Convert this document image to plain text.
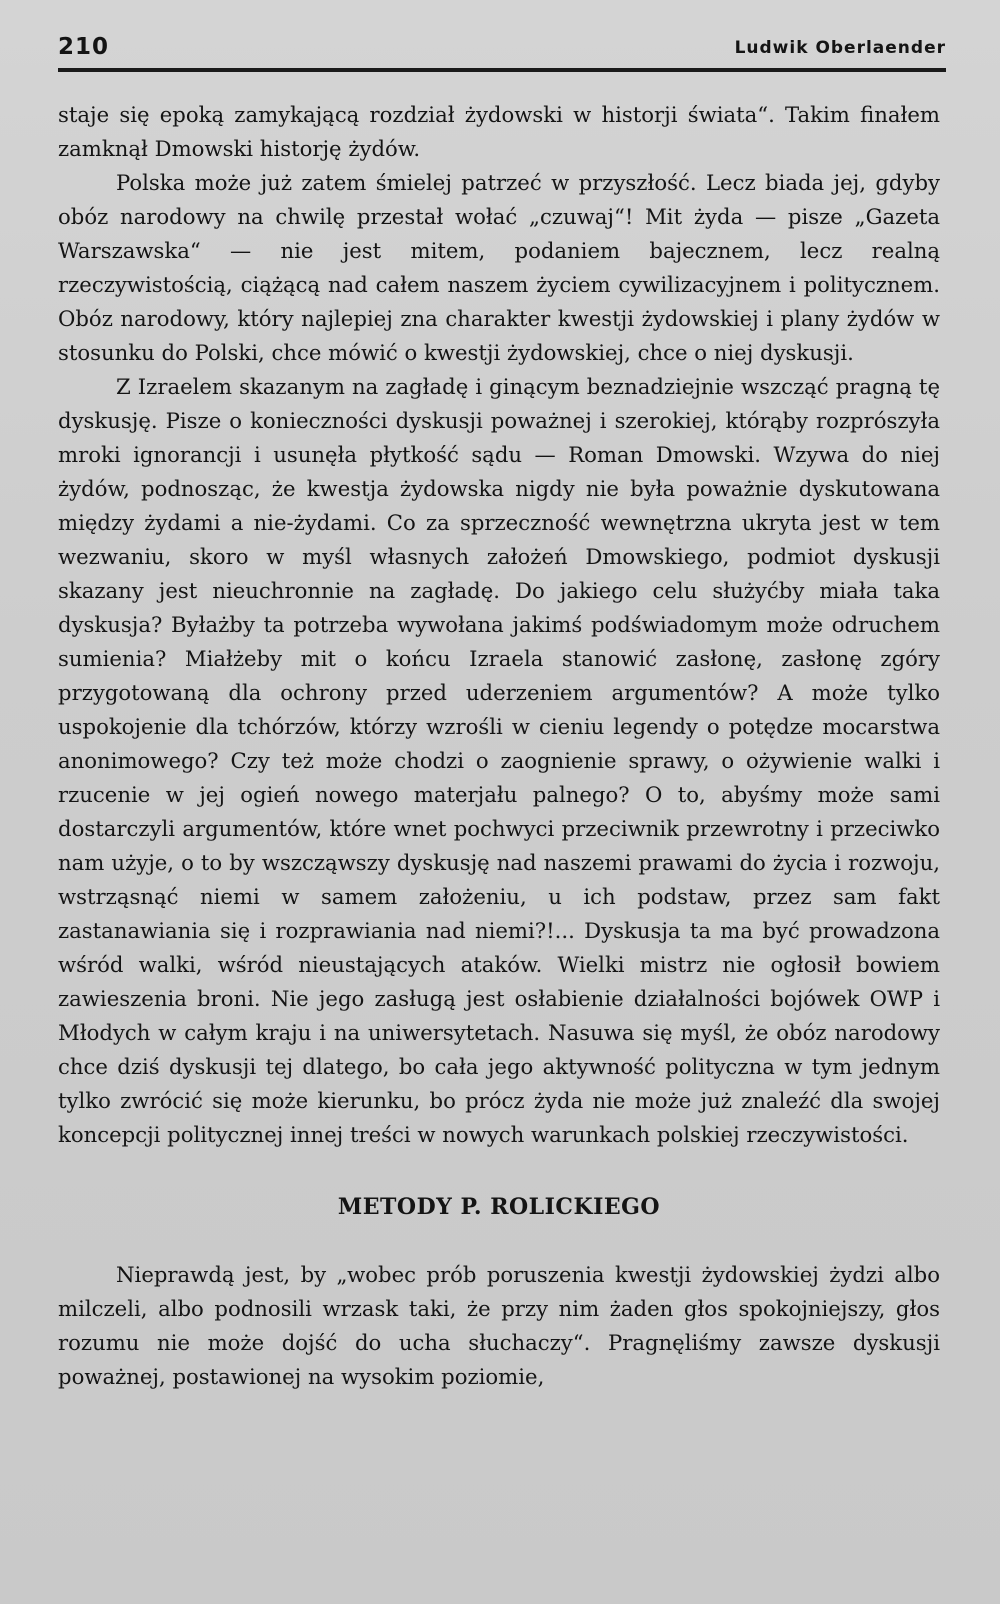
210	Ludwik Oberlaender

staje się epoką zamykającą rozdział żydowski w historji świata“. Takim finałem zamknął Dmowski historję żydów.

Polska może już zatem śmielej patrzeć w przyszłość. Lecz biada jej, gdyby obóz narodowy na chwilę przestał wołać „czuwaj“! Mit żyda — pisze „Gazeta Warszawska“ — nie jest mitem, podaniem bajecznem, lecz realną rzeczywistością, ciążącą nad całem naszem życiem cywilizacyjnem i politycznem. Obóz narodowy, który najlepiej zna charakter kwestji żydowskiej i plany żydów w stosunku do Polski, chce mówić o kwestji żydowskiej, chce o niej dyskusji.

Z Izraelem skazanym na zagładę i ginącym beznadziejnie wszcząć pragną tę dyskusję. Pisze o konieczności dyskusji poważnej i szerokiej, którąby rozprószyła mroki ignorancji i usunęła płytkość sądu — Roman Dmowski. Wzywa do niej żydów, podnosząc, że kwestja żydowska nigdy nie była poważnie dyskutowana między żydami a nie-żydami. Co za sprzeczność wewnętrzna ukryta jest w tem wezwaniu, skoro w myśl własnych założeń Dmowskiego, podmiot dyskusji skazany jest nieuchronnie na zagładę. Do jakiego celu służyćby miała taka dyskusja? Byłażby ta potrzeba wywołana jakimś podświadomym może odruchem sumienia? Miałżeby mit o końcu Izraela stanowić zasłonę, zasłonę zgóry przygotowaną dla ochrony przed uderzeniem argumentów? A może tylko uspokojenie dla tchórzów, którzy wzrośli w cieniu legendy o potędze mocarstwa anonimowego? Czy też może chodzi o zaognienie sprawy, o ożywienie walki i rzucenie w jej ogień nowego materjału palnego? O to, abyśmy może sami dostarczyli argumentów, które wnet pochwyci przeciwnik przewrotny i przeciwko nam użyje, o to by wszcząwszy dyskusję nad naszemi prawami do życia i rozwoju, wstrząsnąć niemi w samem założeniu, u ich podstaw, przez sam fakt zastanawiania się i rozprawiania nad niemi?!... Dyskusja ta ma być prowadzona wśród walki, wśród nieustających ataków. Wielki mistrz nie ogłosił bowiem zawieszenia broni. Nie jego zasługą jest osłabienie działalności bojówek OWP i Młodych w całym kraju i na uniwersytetach. Nasuwa się myśl, że obóz narodowy chce dziś dyskusji tej dlatego, bo cała jego aktywność polityczna w tym jednym tylko zwrócić się może kierunku, bo prócz żyda nie może już znaleźć dla swojej koncepcji politycznej innej treści w nowych warunkach polskiej rzeczywistości.

METODY P. ROLICKIEGO

Nieprawdą jest, by „wobec prób poruszenia kwestji żydowskiej żydzi albo milczeli, albo podnosili wrzask taki, że przy nim żaden głos spokojniejszy, głos rozumu nie może dojść do ucha słuchaczy“. Pragnęliśmy zawsze dyskusji poważnej, postawionej na wysokim poziomie,
